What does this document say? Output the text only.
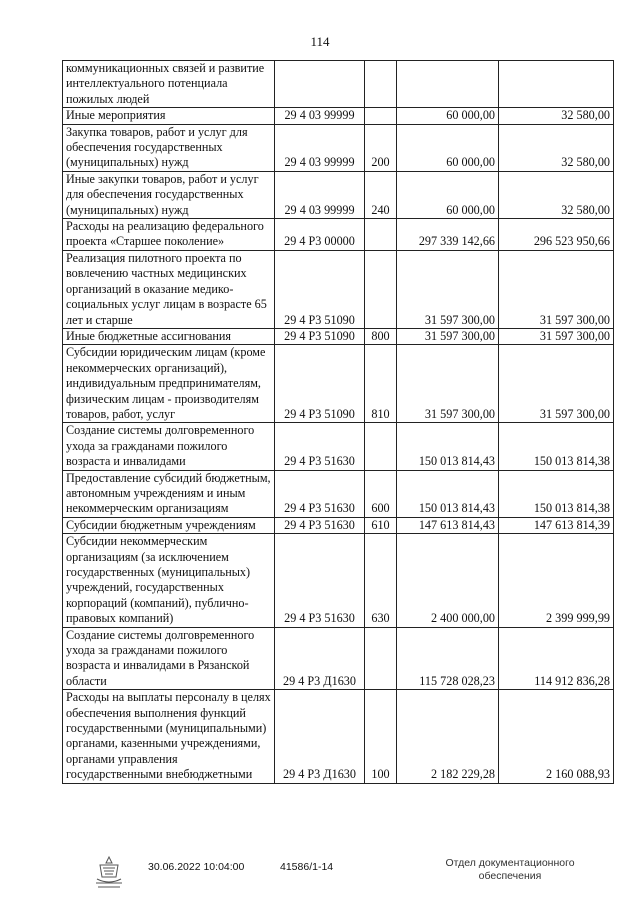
114
коммуникационных связей и развитие интеллектуального потенциала пожилых людей				
Иные мероприятия	29 4 03 99999		60 000,00	32 580,00
Закупка товаров, работ и услуг для обеспечения государственных (муниципальных) нужд	29 4 03 99999	200	60 000,00	32 580,00
Иные закупки товаров, работ и услуг для обеспечения государственных (муниципальных) нужд	29 4 03 99999	240	60 000,00	32 580,00
Расходы на реализацию федерального проекта «Старшее поколение»	29 4 P3 00000		297 339 142,66	296 523 950,66
Реализация пилотного проекта по вовлечению частных медицинских организаций в оказание медико-социальных услуг лицам в возрасте 65 лет и старше	29 4 P3 51090		31 597 300,00	31 597 300,00
Иные бюджетные ассигнования	29 4 P3 51090	800	31 597 300,00	31 597 300,00
Субсидии юридическим лицам (кроме некоммерческих организаций), индивидуальным предпринимателям, физическим лицам - производителям товаров, работ, услуг	29 4 P3 51090	810	31 597 300,00	31 597 300,00
Создание системы долговременного ухода за гражданами пожилого возраста и инвалидами	29 4 P3 51630		150 013 814,43	150 013 814,38
Предоставление субсидий бюджетным, автономным учреждениям и иным некоммерческим организациям	29 4 P3 51630	600	150 013 814,43	150 013 814,38
Субсидии бюджетным учреждениям	29 4 P3 51630	610	147 613 814,43	147 613 814,39
Субсидии некоммерческим организациям (за исключением государственных (муниципальных) учреждений, государственных корпораций (компаний), публично-правовых компаний)	29 4 P3 51630	630	2 400 000,00	2 399 999,99
Создание системы долговременного ухода за гражданами пожилого возраста и инвалидами в Рязанской области	29 4 P3 Д1630		115 728 028,23	114 912 836,28
Расходы на выплаты персоналу в целях обеспечения выполнения функций государственными (муниципальными) органами, казенными учреждениями, органами управления государственными внебюджетными	29 4 P3 Д1630	100	2 182 229,28	2 160 088,93
30.06.2022 10:04:00	41586/1-14	Отдел документационного обеспечения
